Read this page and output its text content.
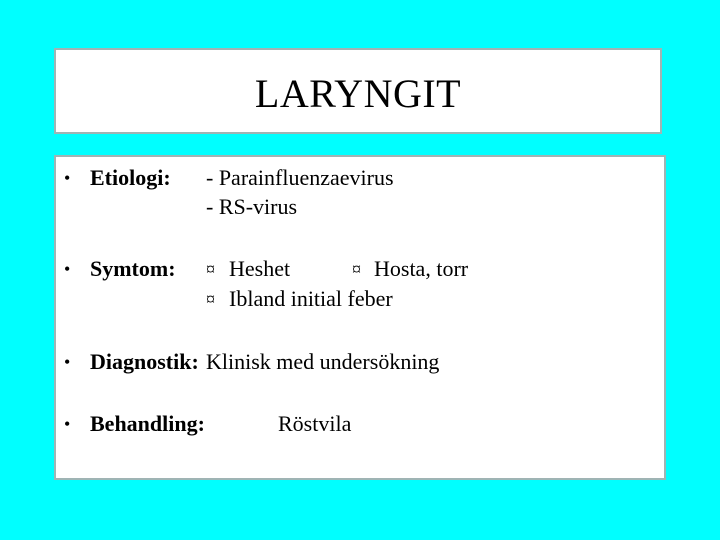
LARYNGIT
• Etiologi: - Parainfluenzaevirus
- RS-virus
• Symtom: ¤ Heshet	¤ Hosta, torr
¤ Ibland initial feber
• Diagnostik: Klinisk med undersökning
• Behandling:	Röstvila
